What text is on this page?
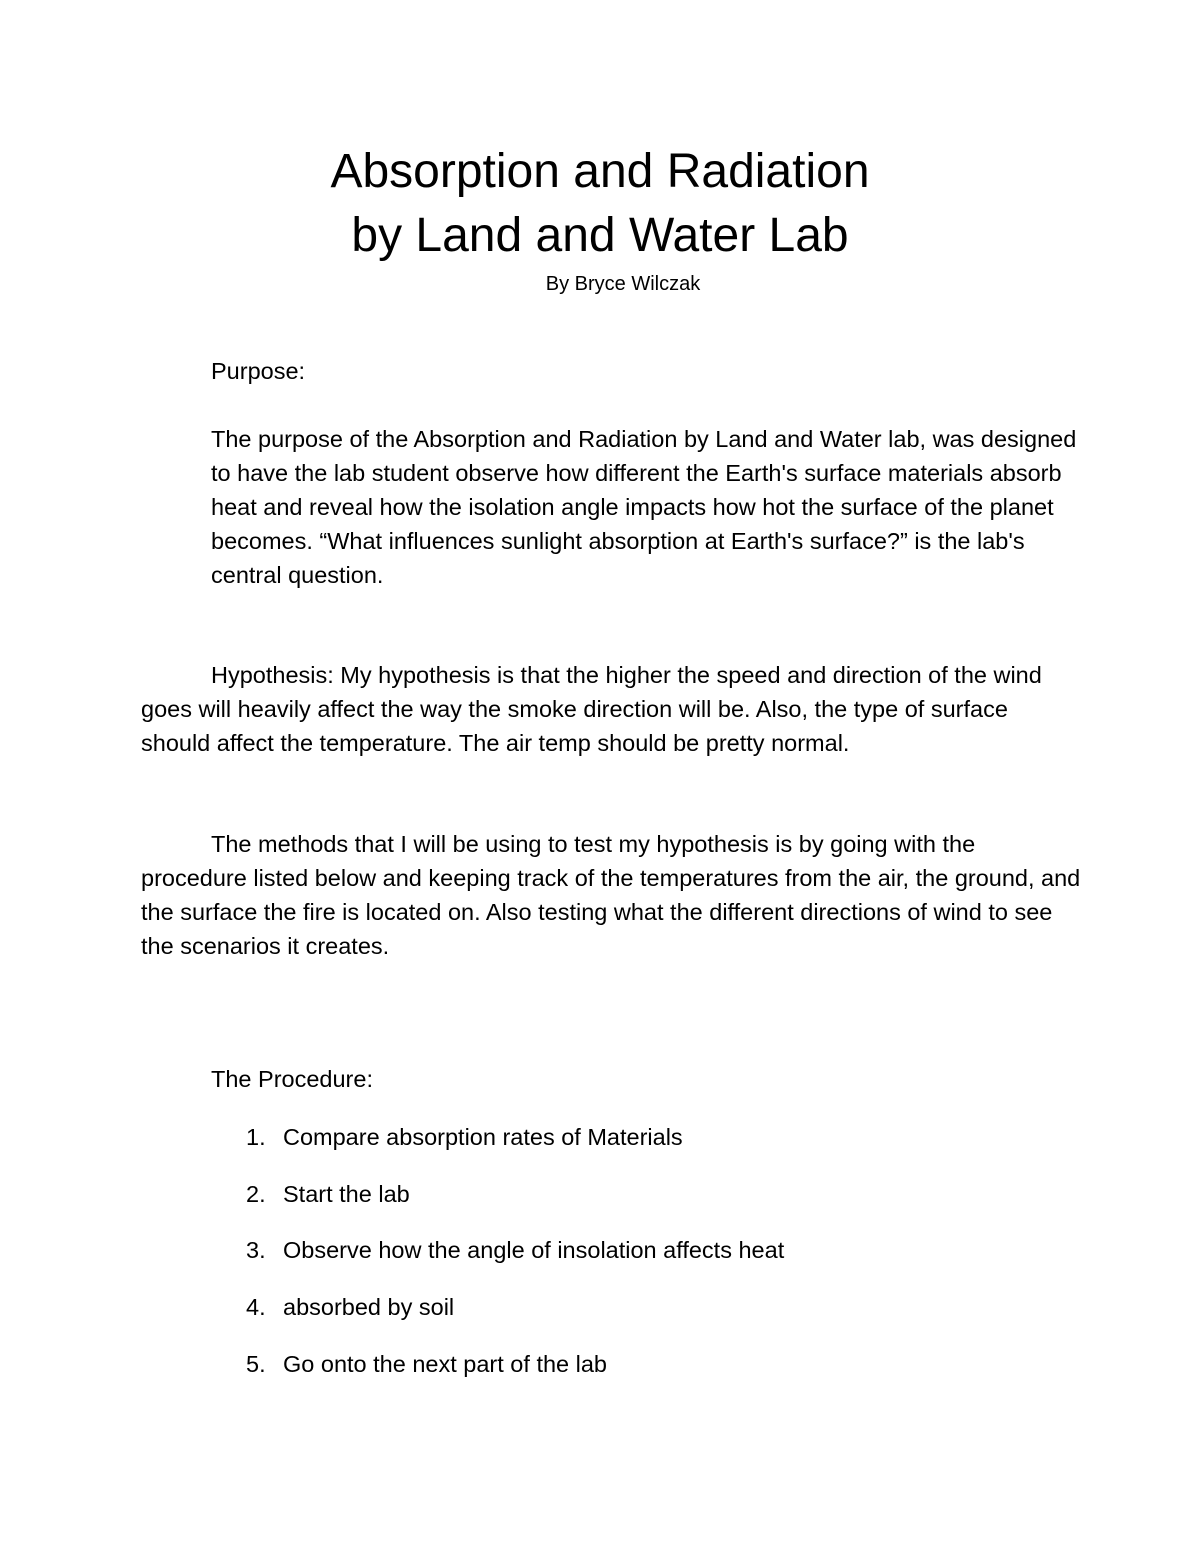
Absorption and Radiation
by Land and Water Lab
By Bryce Wilczak

Purpose:

The purpose of the Absorption and Radiation by Land and Water lab, was designed to have the lab student observe how different the Earth's surface materials absorb heat and reveal how the isolation angle impacts how hot the surface of the planet becomes. “What influences sunlight absorption at Earth's surface?” is the lab's central question.

Hypothesis: My hypothesis is that the higher the speed and direction of the wind goes will heavily affect the way the smoke direction will be. Also, the type of surface should affect the temperature. The air temp should be pretty normal.

The methods that I will be using to test my hypothesis is by going with the procedure listed below and keeping track of the temperatures from the air, the ground, and the surface the fire is located on. Also testing what the different directions of wind to see the scenarios it creates.

The Procedure:

1. Compare absorption rates of Materials
2. Start the lab
3. Observe how the angle of insolation affects heat
4. absorbed by soil
5. Go onto the next part of the lab
